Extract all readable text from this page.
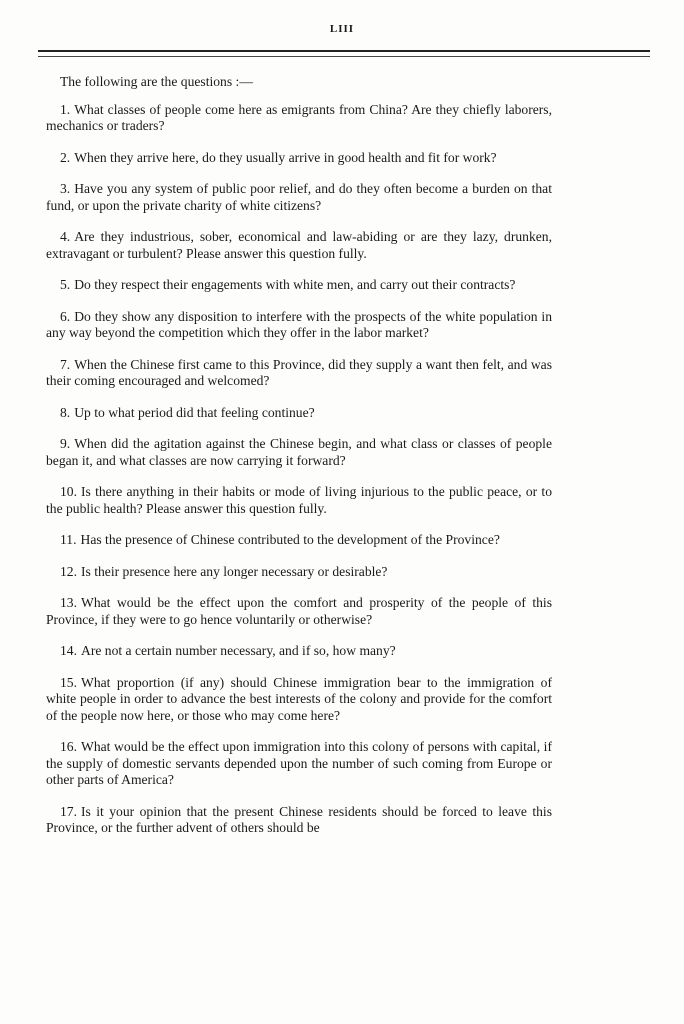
LIII

The following are the questions :—

1. What classes of people come here as emigrants from China? Are they chiefly laborers, mechanics or traders?

2. When they arrive here, do they usually arrive in good health and fit for work?

3. Have you any system of public poor relief, and do they often become a burden on that fund, or upon the private charity of white citizens?

4. Are they industrious, sober, economical and law-abiding or are they lazy, drunken, extravagant or turbulent? Please answer this question fully.

5. Do they respect their engagements with white men, and carry out their contracts?

6. Do they show any disposition to interfere with the prospects of the white population in any way beyond the competition which they offer in the labor market?

7. When the Chinese first came to this Province, did they supply a want then felt, and was their coming encouraged and welcomed?

8. Up to what period did that feeling continue?

9. When did the agitation against the Chinese begin, and what class or classes of people began it, and what classes are now carrying it forward?

10. Is there anything in their habits or mode of living injurious to the public peace, or to the public health? Please answer this question fully.

11. Has the presence of Chinese contributed to the development of the Province?

12. Is their presence here any longer necessary or desirable?

13. What would be the effect upon the comfort and prosperity of the people of this Province, if they were to go hence voluntarily or otherwise?

14. Are not a certain number necessary, and if so, how many?

15. What proportion (if any) should Chinese immigration bear to the immigration of white people in order to advance the best interests of the colony and provide for the comfort of the people now here, or those who may come here?

16. What would be the effect upon immigration into this colony of persons with capital, if the supply of domestic servants depended upon the number of such coming from Europe or other parts of America?

17. Is it your opinion that the present Chinese residents should be forced to leave this Province, or the further advent of others should be
